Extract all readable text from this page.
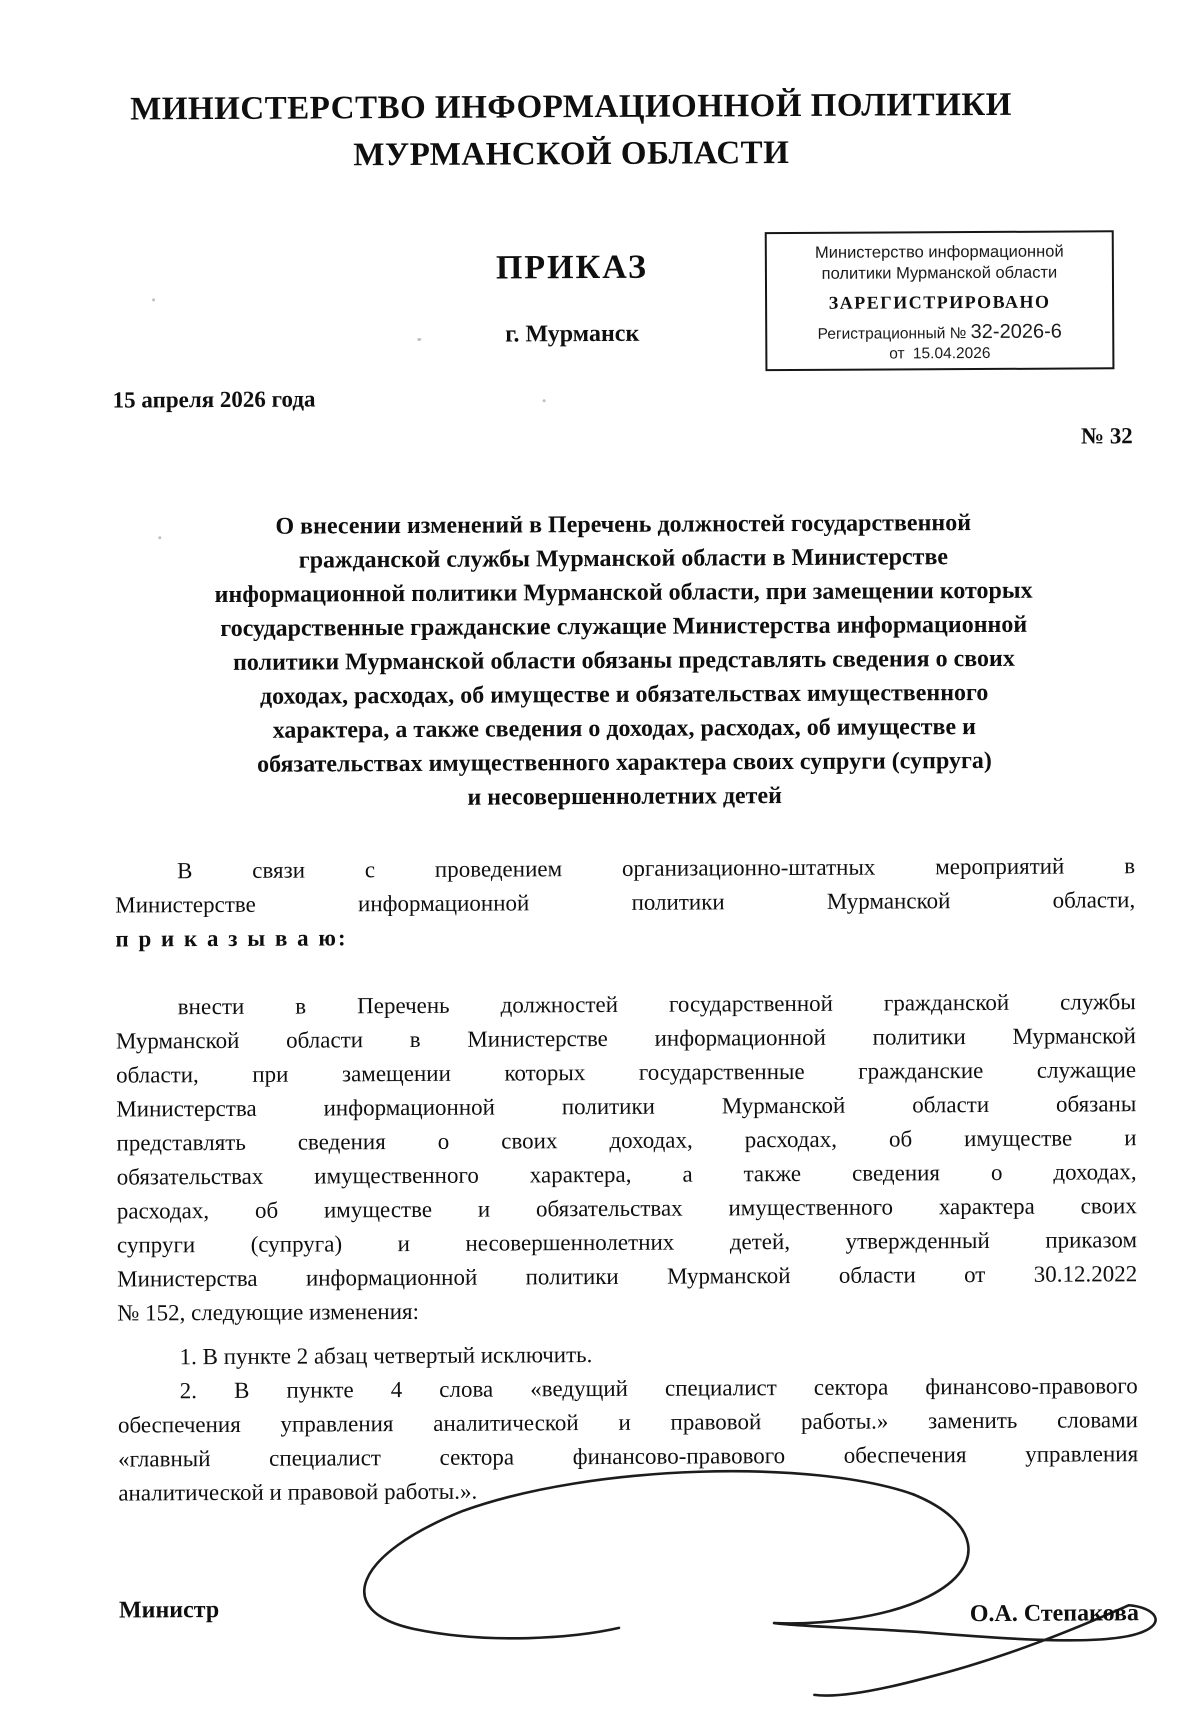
МИНИСТЕРСТВО ИНФОРМАЦИОННОЙ ПОЛИТИКИ
МУРМАНСКОЙ ОБЛАСТИ
Министерство информационной
политики Мурманской области
ЗАРЕГИСТРИРОВАНО
Регистрационный № 32-2026-6
от 15.04.2026
ПРИКАЗ
г. Мурманск
15 апреля 2026 года
№ 32
О внесении изменений в Перечень должностей государственной
гражданской службы Мурманской области в Министерстве
информационной политики Мурманской области, при замещении которых
государственные гражданские служащие Министерства информационной
политики Мурманской области обязаны представлять сведения о своих
доходах, расходах, об имуществе и обязательствах имущественного
характера, а также сведения о доходах, расходах, об имуществе и
обязательствах имущественного характера своих супруги (супруга)
и несовершеннолетних детей
В связи с проведением организационно-штатных мероприятий в
Министерстве информационной политики Мурманской области,
п р и к а з ы в а ю:
внести в Перечень должностей государственной гражданской службы
Мурманской области в Министерстве информационной политики Мурманской
области, при замещении которых государственные гражданские служащие
Министерства информационной политики Мурманской области обязаны
представлять сведения о своих доходах, расходах, об имуществе и
обязательствах имущественного характера, а также сведения о доходах,
расходах, об имуществе и обязательствах имущественного характера своих
супруги (супруга) и несовершеннолетних детей, утвержденный приказом
Министерства информационной политики Мурманской области от 30.12.2022
№ 152, следующие изменения:
1. В пункте 2 абзац четвертый исключить.
2. В пункте 4 слова «ведущий специалист сектора финансово-правового
обеспечения управления аналитической и правовой работы.» заменить словами
«главный специалист сектора финансово-правового обеспечения управления
аналитической и правовой работы.».
Министр	О.А. Степакова
